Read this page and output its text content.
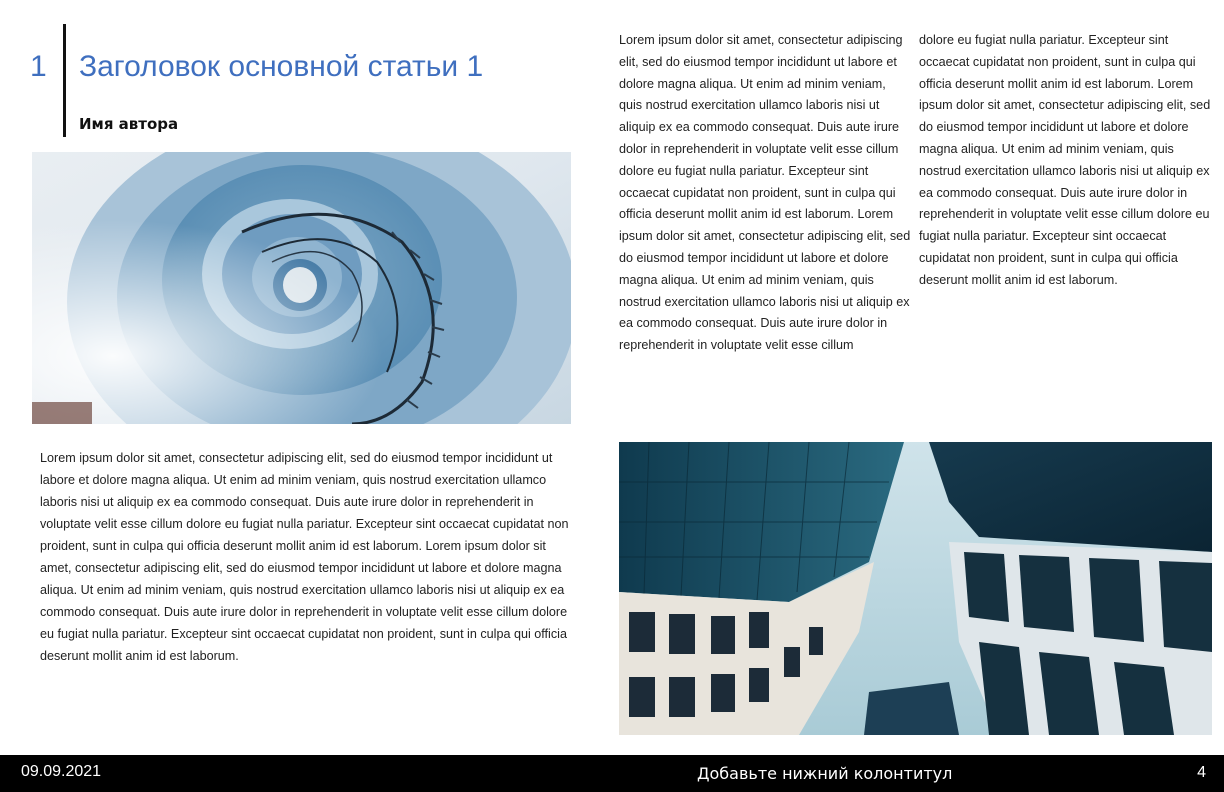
1 Заголовок основной статьи 1
Имя автора
Lorem ipsum dolor sit amet, consectetur adipiscing elit, sed do eiusmod tempor incididunt ut labore et dolore magna aliqua. Ut enim ad minim veniam, quis nostrud exercitation ullamco laboris nisi ut aliquip ex ea commodo consequat. Duis aute irure dolor in reprehenderit in voluptate velit esse cillum dolore eu fugiat nulla pariatur. Excepteur sint occaecat cupidatat non proident, sunt in culpa qui officia deserunt mollit anim id est laborum. Lorem ipsum dolor sit amet, consectetur adipiscing elit, sed do eiusmod tempor incididunt ut labore et dolore magna aliqua. Ut enim ad minim veniam, quis nostrud exercitation ullamco laboris nisi ut aliquip ex ea commodo consequat. Duis aute irure dolor in reprehenderit in voluptate velit esse cillum dolore eu fugiat nulla pariatur. Excepteur sint occaecat cupidatat non proident, sunt in culpa qui officia deserunt mollit anim id est laborum.
Lorem ipsum dolor sit amet, consectetur adipiscing elit, sed do eiusmod tempor incididunt ut labore et dolore magna aliqua. Ut enim ad minim veniam, quis nostrud exercitation ullamco laboris nisi ut aliquip ex ea commodo consequat. Duis aute irure dolor in reprehenderit in voluptate velit esse cillum dolore eu fugiat nulla pariatur. Excepteur sint occaecat cupidatat non proident, sunt in culpa qui officia deserunt mollit anim id est laborum. Lorem ipsum dolor sit amet, consectetur adipiscing elit, sed do eiusmod tempor incididunt ut labore et dolore magna aliqua. Ut enim ad minim veniam, quis nostrud exercitation ullamco laboris nisi ut aliquip ex ea commodo consequat. Duis aute irure dolor in reprehenderit in voluptate velit esse cillum
dolore eu fugiat nulla pariatur. Excepteur sint occaecat cupidatat non proident, sunt in culpa qui officia deserunt mollit anim id est laborum. Lorem ipsum dolor sit amet, consectetur adipiscing elit, sed do eiusmod tempor incididunt ut labore et dolore magna aliqua. Ut enim ad minim veniam, quis nostrud exercitation ullamco laboris nisi ut aliquip ex ea commodo consequat. Duis aute irure dolor in reprehenderit in voluptate velit esse cillum dolore eu fugiat nulla pariatur. Excepteur sint occaecat cupidatat non proident, sunt in culpa qui officia deserunt mollit anim id est laborum.
09.09.2021	Добавьте нижний колонтитул	4
